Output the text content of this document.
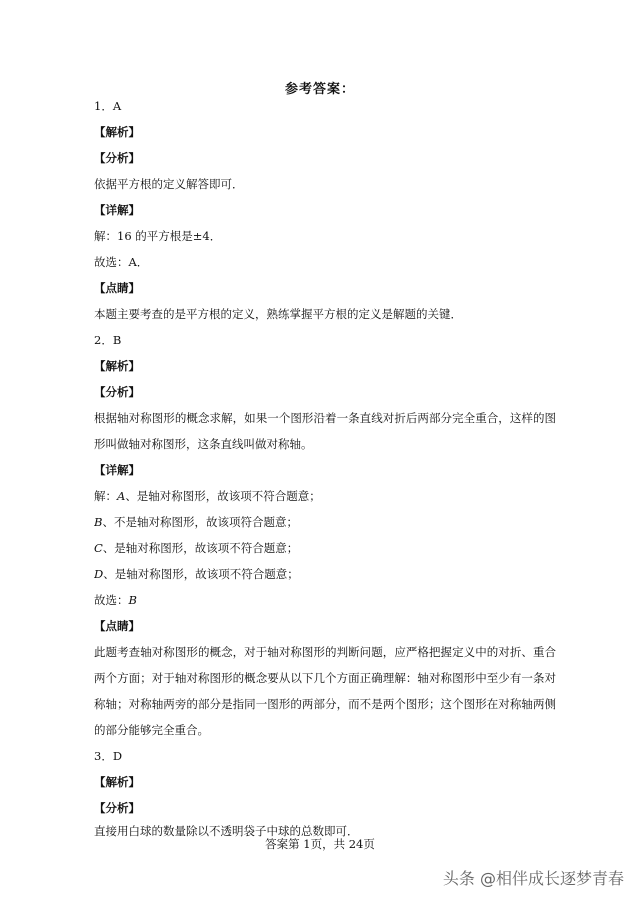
参考答案：
1．A
【解析】
【分析】
依据平方根的定义解答即可．
【详解】
解：16 的平方根是±4．
故选：A．
【点睛】
本题主要考查的是平方根的定义，熟练掌握平方根的定义是解题的关键．
2．B
【解析】
【分析】
根据轴对称图形的概念求解，如果一个图形沿着一条直线对折后两部分完全重合，这样的图
形叫做轴对称图形，这条直线叫做对称轴。
【详解】
解：A、是轴对称图形，故该项不符合题意；
B、不是轴对称图形，故该项符合题意；
C、是轴对称图形，故该项不符合题意；
D、是轴对称图形，故该项不符合题意；
故选：B
【点睛】
此题考查轴对称图形的概念，对于轴对称图形的判断问题，应严格把握定义中的对折、重合
两个方面；对于轴对称图形的概念要从以下几个方面正确理解：轴对称图形中至少有一条对
称轴；对称轴两旁的部分是指同一图形的两部分，而不是两个图形；这个图形在对称轴两侧
的部分能够完全重合。
3．D
【解析】
【分析】
直接用白球的数量除以不透明袋子中球的总数即可．
答案第 1页，共 24页
头条 @相伴成长逐梦青春
